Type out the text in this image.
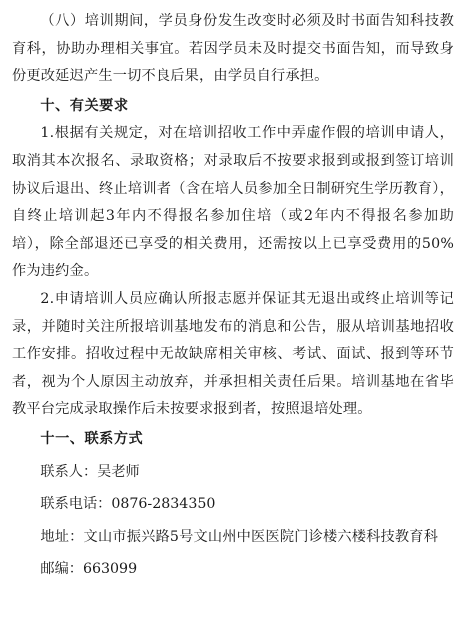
（八）培训期间，学员身份发生改变时必须及时书面告知科技教育科，协助办理相关事宜。若因学员未及时提交书面告知，而导致身份更改延迟产生一切不良后果，由学员自行承担。

十、有关要求

1.根据有关规定，对在培训招收工作中弄虚作假的培训申请人，取消其本次报名、录取资格；对录取后不按要求报到或报到签订培训协议后退出、终止培训者（含在培人员参加全日制研究生学历教育），自终止培训起3年内不得报名参加住培（或2年内不得报名参加助培），除全部退还已享受的相关费用，还需按以上已享受费用的50%作为违约金。

2.申请培训人员应确认所报志愿并保证其无退出或终止培训等记录，并随时关注所报培训基地发布的消息和公告，服从培训基地招收工作安排。招收过程中无故缺席相关审核、考试、面试、报到等环节者，视为个人原因主动放弃，并承担相关责任后果。培训基地在省毕教平台完成录取操作后未按要求报到者，按照退培处理。

十一、联系方式

联系人：吴老师

联系电话：0876-2834350

地址：文山市振兴路5号文山州中医医院门诊楼六楼科技教育科

邮编：663099
